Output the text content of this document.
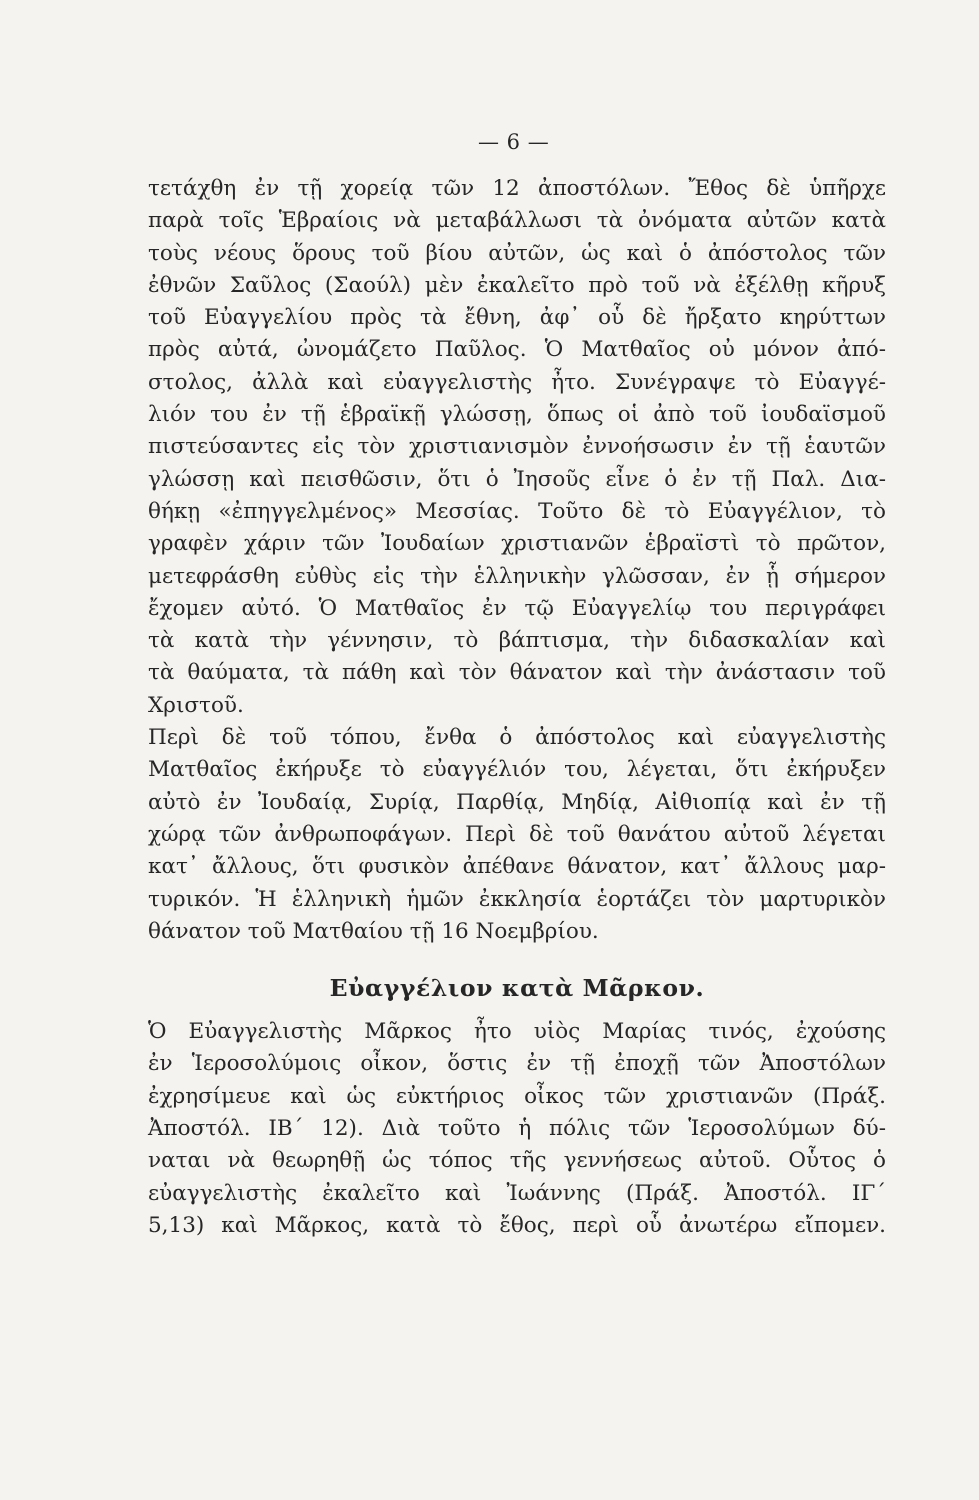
— 6 —
τετάχθη ἐν τῇ χορείᾳ τῶν 12 ἀποστόλων. Ἔθος δὲ ὑπῆρχε
παρὰ τοῖς Ἑβραίοις νὰ μεταβάλλωσι τὰ ὀνόματα αὐτῶν κατὰ
τοὺς νέους ὅρους τοῦ βίου αὐτῶν, ὡς καὶ ὁ ἀπόστολος τῶν
ἐθνῶν Σαῦλος (Σαούλ) μὲν ἐκαλεῖτο πρὸ τοῦ νὰ ἐξέλθῃ κῆρυξ
τοῦ Εὐαγγελίου πρὸς τὰ ἔθνη, ἀφ᾽ οὗ δὲ ἤρξατο κηρύττων
πρὸς αὐτά, ὠνομάζετο Παῦλος. Ὁ Ματθαῖος οὐ μόνον ἀπό-
στολος, ἀλλὰ καὶ εὐαγγελιστὴς ἦτο. Συνέγραψε τὸ Εὐαγγέ-
λιόν του ἐν τῇ ἑβραϊκῇ γλώσσῃ, ὅπως οἱ ἀπὸ τοῦ ἰουδαϊσμοῦ
πιστεύσαντες εἰς τὸν χριστιανισμὸν ἐννοήσωσιν ἐν τῇ ἑαυτῶν
γλώσσῃ καὶ πεισθῶσιν, ὅτι ὁ Ἰησοῦς εἶνε ὁ ἐν τῇ Παλ. Δια-
θήκῃ «ἐπηγγελμένος» Μεσσίας. Τοῦτο δὲ τὸ Εὐαγγέλιον, τὸ
γραφὲν χάριν τῶν Ἰουδαίων χριστιανῶν ἑβραϊστὶ τὸ πρῶτον,
μετεφράσθη εὐθὺς εἰς τὴν ἑλληνικὴν γλῶσσαν, ἐν ᾗ σήμερον
ἔχομεν αὐτό. Ὁ Ματθαῖος ἐν τῷ Εὐαγγελίῳ του περιγράφει
τὰ κατὰ τὴν γέννησιν, τὸ βάπτισμα, τὴν διδασκαλίαν καὶ
τὰ θαύματα, τὰ πάθη καὶ τὸν θάνατον καὶ τὴν ἀνάστασιν τοῦ
Χριστοῦ.
Περὶ δὲ τοῦ τόπου, ἔνθα ὁ ἀπόστολος καὶ εὐαγγελιστὴς
Ματθαῖος ἐκήρυξε τὸ εὐαγγέλιόν του, λέγεται, ὅτι ἐκήρυξεν
αὐτὸ ἐν Ἰουδαίᾳ, Συρίᾳ, Παρθίᾳ, Μηδίᾳ, Αἰθιοπίᾳ καὶ ἐν τῇ
χώρᾳ τῶν ἀνθρωποφάγων. Περὶ δὲ τοῦ θανάτου αὐτοῦ λέγεται
κατ᾽ ἄλλους, ὅτι φυσικὸν ἀπέθανε θάνατον, κατ᾽ ἄλλους μαρ-
τυρικόν. Ἡ ἑλληνικὴ ἡμῶν ἐκκλησία ἑορτάζει τὸν μαρτυρικὸν
θάνατον τοῦ Ματθαίου τῇ 16 Νοεμβρίου.
Εὐαγγέλιον κατὰ Μᾶρκον.
Ὁ Εὐαγγελιστὴς Μᾶρκος ἦτο υἱὸς Μαρίας τινός, ἐχούσης
ἐν Ἱεροσολύμοις οἶκον, ὅστις ἐν τῇ ἐποχῇ τῶν Ἀποστόλων
ἐχρησίμευε καὶ ὡς εὐκτήριος οἶκος τῶν χριστιανῶν (Πράξ.
Ἀποστόλ. ΙΒ΄ 12). Διὰ τοῦτο ἡ πόλις τῶν Ἱεροσολύμων δύ-
ναται νὰ θεωρηθῇ ὡς τόπος τῆς γεννήσεως αὐτοῦ. Οὗτος ὁ
εὐαγγελιστὴς ἐκαλεῖτο καὶ Ἰωάννης (Πράξ. Ἀποστόλ. ΙΓ΄
5,13) καὶ Μᾶρκος, κατὰ τὸ ἔθος, περὶ οὗ ἀνωτέρω εἴπομεν.
